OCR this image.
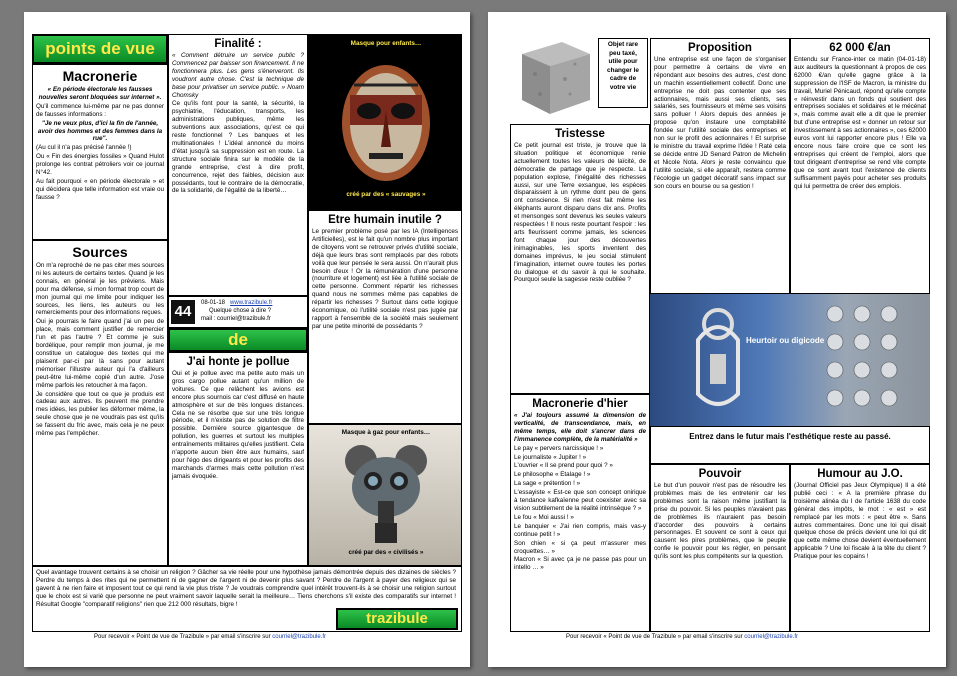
points de vue
Macronerie

« En période électorale les fausses nouvelles seront bloquées sur internet ».

Qu'il commence lui-même par ne pas donner de fausses informations :

"Je ne veux plus, d'ici la fin de l'année, avoir des hommes et des femmes dans la rue".

(Au cul il n'a pas précisé l'année !)

Ou « Fin des énergies fossiles » Quand Hulot prolonge les contrat pétroliers voir ce journal N°42.

Au fait pourquoi « en période électorale » et qui décidera que telle information est vraie ou fausse ?

Sources

On m'a reproché de ne pas citer mes sources ni les auteurs de certains textes. Quand je les connais, en général je les préviens. Mais pour ma défense, si mon format trop court de mon journal qui me limite pour indiquer les sources, les liens, les auteurs ou les remerciements pour des informations reçues.

Oui je pourrais le faire quand j'ai un peu de place, mais comment justifier de remercier l'un et pas l'autre ? Et comme je suis bordélique, pour remplir mon journal, je me constitue un catalogue des textes qui me plaisent par-ci par là sans pour autant mémoriser l'illustre auteur qui l'a d'ailleurs peut-être lui-même copié d'un autre. J'ose même parfois les retoucher à ma façon.

Je considère que tout ce que je produis est cadeau aux autres. Ils peuvent me prendre mes idées, les publier les déformer même, la seule chose que je ne voudrais pas est qu'ils se fassent du fric avec, mais cela je ne peux même pas l'empêcher.

Finalité :

« Comment détruire un service public ? Commencez par baisser son financement. Il ne fonctionnera plus. Les gens s'énerveront. Ils voudront autre chose. C'est la technique de base pour privatiser un service public. » Noam Chomsky

Ce qu'ils font pour la santé, la sécurité, la psychiatrie, l'éducation, transports, les administrations publiques, même les subventions aux associations, qu'est ce qui reste fonctionnel ? Les banques et les multinationales ! L'idéal annoncé du moins d'état jusqu'à sa suppression est en route. La structure sociale finira sur le modèle de la grande entreprise, c'est à dire profit, concurrence, rejet des faibles, décision aux possédants, tout le contraire de la démocratie, de la solidarité, de l'égalité de la liberté…

44	08-01-18 www.trazibule.fr
Quelque chose à dire ?
mail : courriel@trazibule.fr
de
J'ai honte je pollue

Oui et je pollue avec ma petite auto mais un gros cargo pollue autant qu'un million de voitures. Ce que relâchent les avions est encore plus sournois car c'est diffusé en haute atmosphère et sur de très longues distances. Cela ne se résorbe que sur une très longue période, et il n'existe pas de solution de filtre possible. Dernière source gigantesque de pollution, les guerres et surtout les multiples entraînements militaires qu'elles justifient. Cela n'apporte aucun bien être aux humains, sauf pour l'égo des dirigeants et pour les profits des marchands d'armes mais cette pollution n'est jamais évoquée.

Masque pour enfants…
créé par des « sauvages »
Etre humain inutile ?

Le premier problème posé par les IA (Intelligences Artificielles), est le fait qu'un nombre plus important de citoyens vont se retrouver privés d'utilité sociale, déjà que leurs bras sont remplacés par des robots voilà que leur pensée le sera aussi. On n'aurait plus besoin d'eux ! Or la rémunération d'une personne (nourriture et logement) est liée à l'utilité sociale de cette personne. Comment répartir les richesses quand nous ne sommes même pas capables de répartir les richesses ? Surtout dans cette logique économique, où l'utilité sociale n'est pas jugée par rapport à l'ensemble de la société mais seulement par une petite minorité de possédants ?

Masque à gaz pour enfants…
créé par des « civilisés »

Quel avantage trouvent certains à se choisir un religion ? Gâcher sa vie réelle pour une hypothèse jamais démontrée depuis des dizaines de siècles ? Perdre du temps à des rites qui ne permettent ni de gagner de l'argent ni de devenir plus savant ? Perdre de l'argent à payer des religieux qui se gavent à ne rien faire et imposent tout ce qui rend la vie plus triste ? Je voudrais comprendre quel intérêt trouvent-ils à se choisir une religion surtout que le choix est si varié que personne ne peut vraiment savoir laquelle serait la meilleure… Tiens cherchons s'il existe des comparatifs sur internet ! Résultat Google "comparatif religions" rien que 212 000 résultats, bigre !

trazibule
Pour recevoir « Point de vue de Trazibule » par email s'inscrire sur courriel@trazibule.fr

Objet rare peu taxé, utile pour changer le cadre de votre vie

Tristesse

Ce petit journal est triste, je trouve que la situation politique et économique renie actuellement toutes les valeurs de laïcité, de démocratie de partage que je respecte. La population explose, l'inégalité des richesses aussi, sur une Terre exsangue, les espèces disparaissent à un rythme dont peu de gens ont conscience. Si rien n'est fait même les éléphants auront disparu dans dix ans. Profits et mensonges sont devenus les seules valeurs respectées ! Il nous reste pourtant l'espoir : les arts fleurissent comme jamais, les sciences font chaque jour des découvertes inimaginables, les sports inventent des domaines imprévus, le jeu social stimulent l'imagination, internet ouvre toutes les portes du dialogue et du savoir à qui le souhaite. Pourquoi seule la sagesse reste oubliée ?

Proposition

Une entreprise est une façon de s'organiser pour permettre à certains de vivre en répondant aux besoins des autres, c'est donc un machin essentiellement collectif. Donc une entreprise ne doit pas contenter que ses actionnaires, mais aussi ses clients, ses salariés, ses fournisseurs et même ses voisins sans polluer ! Alors depuis des années je propose qu'on instaure une comptabilité fondée sur l'utilité sociale des entreprises et non sur le profit des actionnaires ! Et surprise le ministre du travail exprime l'idée ! Raté cela se décide entre JD Senard Patron de Michelin et Nicole Nota. Alors je reste convaincu que l'utilité sociale, si elle apparaît, restera comme l'écologie un gadget décoratif sans impact sur son cours en bourse ou sa gestion !

62 000 €/an

Entendu sur France-inter ce matin (04-01-18) aux auditeurs la questionnant à propos de ces 62000 €/an qu'elle gagne grâce à la suppression de l'ISF de Macron, la ministre du travail, Muriel Pénicaud, répond qu'elle compte « réinvestir dans un fonds qui soutient des entreprises sociales et solidaires et le mécénat », mais comme avait elle a dit que le premier but d'une entreprise est « donner un retour sur investissement à ses actionnaires », ces 62000 euros vont lui rapporter encore plus ! Elle va encore nous faire croire que ce sont les entreprises qui créent de l'emploi, alors que tout dirigeant d'entreprise se rend vite compte que ce sont avant tout l'existence de clients suffisamment payés pour acheter ses produits qui lui permettra de créer des emplois.

Heurtoir ou digicode
Entrez dans le futur mais l'esthétique reste au passé.
Macronerie d'hier

« J'ai toujours assumé la dimension de verticalité, de transcendance, mais, en même temps, elle doit s'ancrer dans de l'immanence complète, de la matérialité »

Le pay « pervers narcissique ! »

Le journaliste « Jupiter ! »

L'ouvrier « Il se prend pour quoi ? »

Le philosophe « Etalage ! »

La sage « prétention ! »

L'essayiste « Est-ce que son concept onirique à tendance kafkaïenne peut coexister avec sa vision subtilement de la réalité intrinsèque ? »

Le fou « Moi aussi ! »

Le banquier « J'ai rien compris, mais vas-y continue petit ! »

Son chien « si ça peut m'assurer mes croquettes… »

Macron « Si avec ça je ne passe pas pour un intello … »

Pouvoir

Le but d'un pouvoir n'est pas de résoudre les problèmes mais de les entretenir car les problèmes sont la raison même justifiant la prise du pouvoir. Si les peuples n'avaient pas de problèmes ils n'auraient pas besoin d'accorder des pouvoirs à certains personnages. Et souvent ce sont à ceux qui causent les pires problèmes, que le peuple confie le pouvoir pour les régler, en pensant qu'ils sont les plus compétents sur la question.

Humour au J.O.

(Journal Officiel pas Jeux Olympique) Il a été publié ceci : « A la première phrase du troisième alinéa du I de l'article 1638 du code général des impôts, le mot : « est » est remplacé par les mots : « peut être ». Sans autres commentaires. Donc une loi qui disait quelque chose de précis devient une loi qui dit que cette même chose devient éventuellement applicable ? Une loi fiscale à la tête du client ? Pratique pour les copains !

Pour recevoir « Point de vue de Trazibule » par email s'inscrire sur courriel@trazibule.fr
